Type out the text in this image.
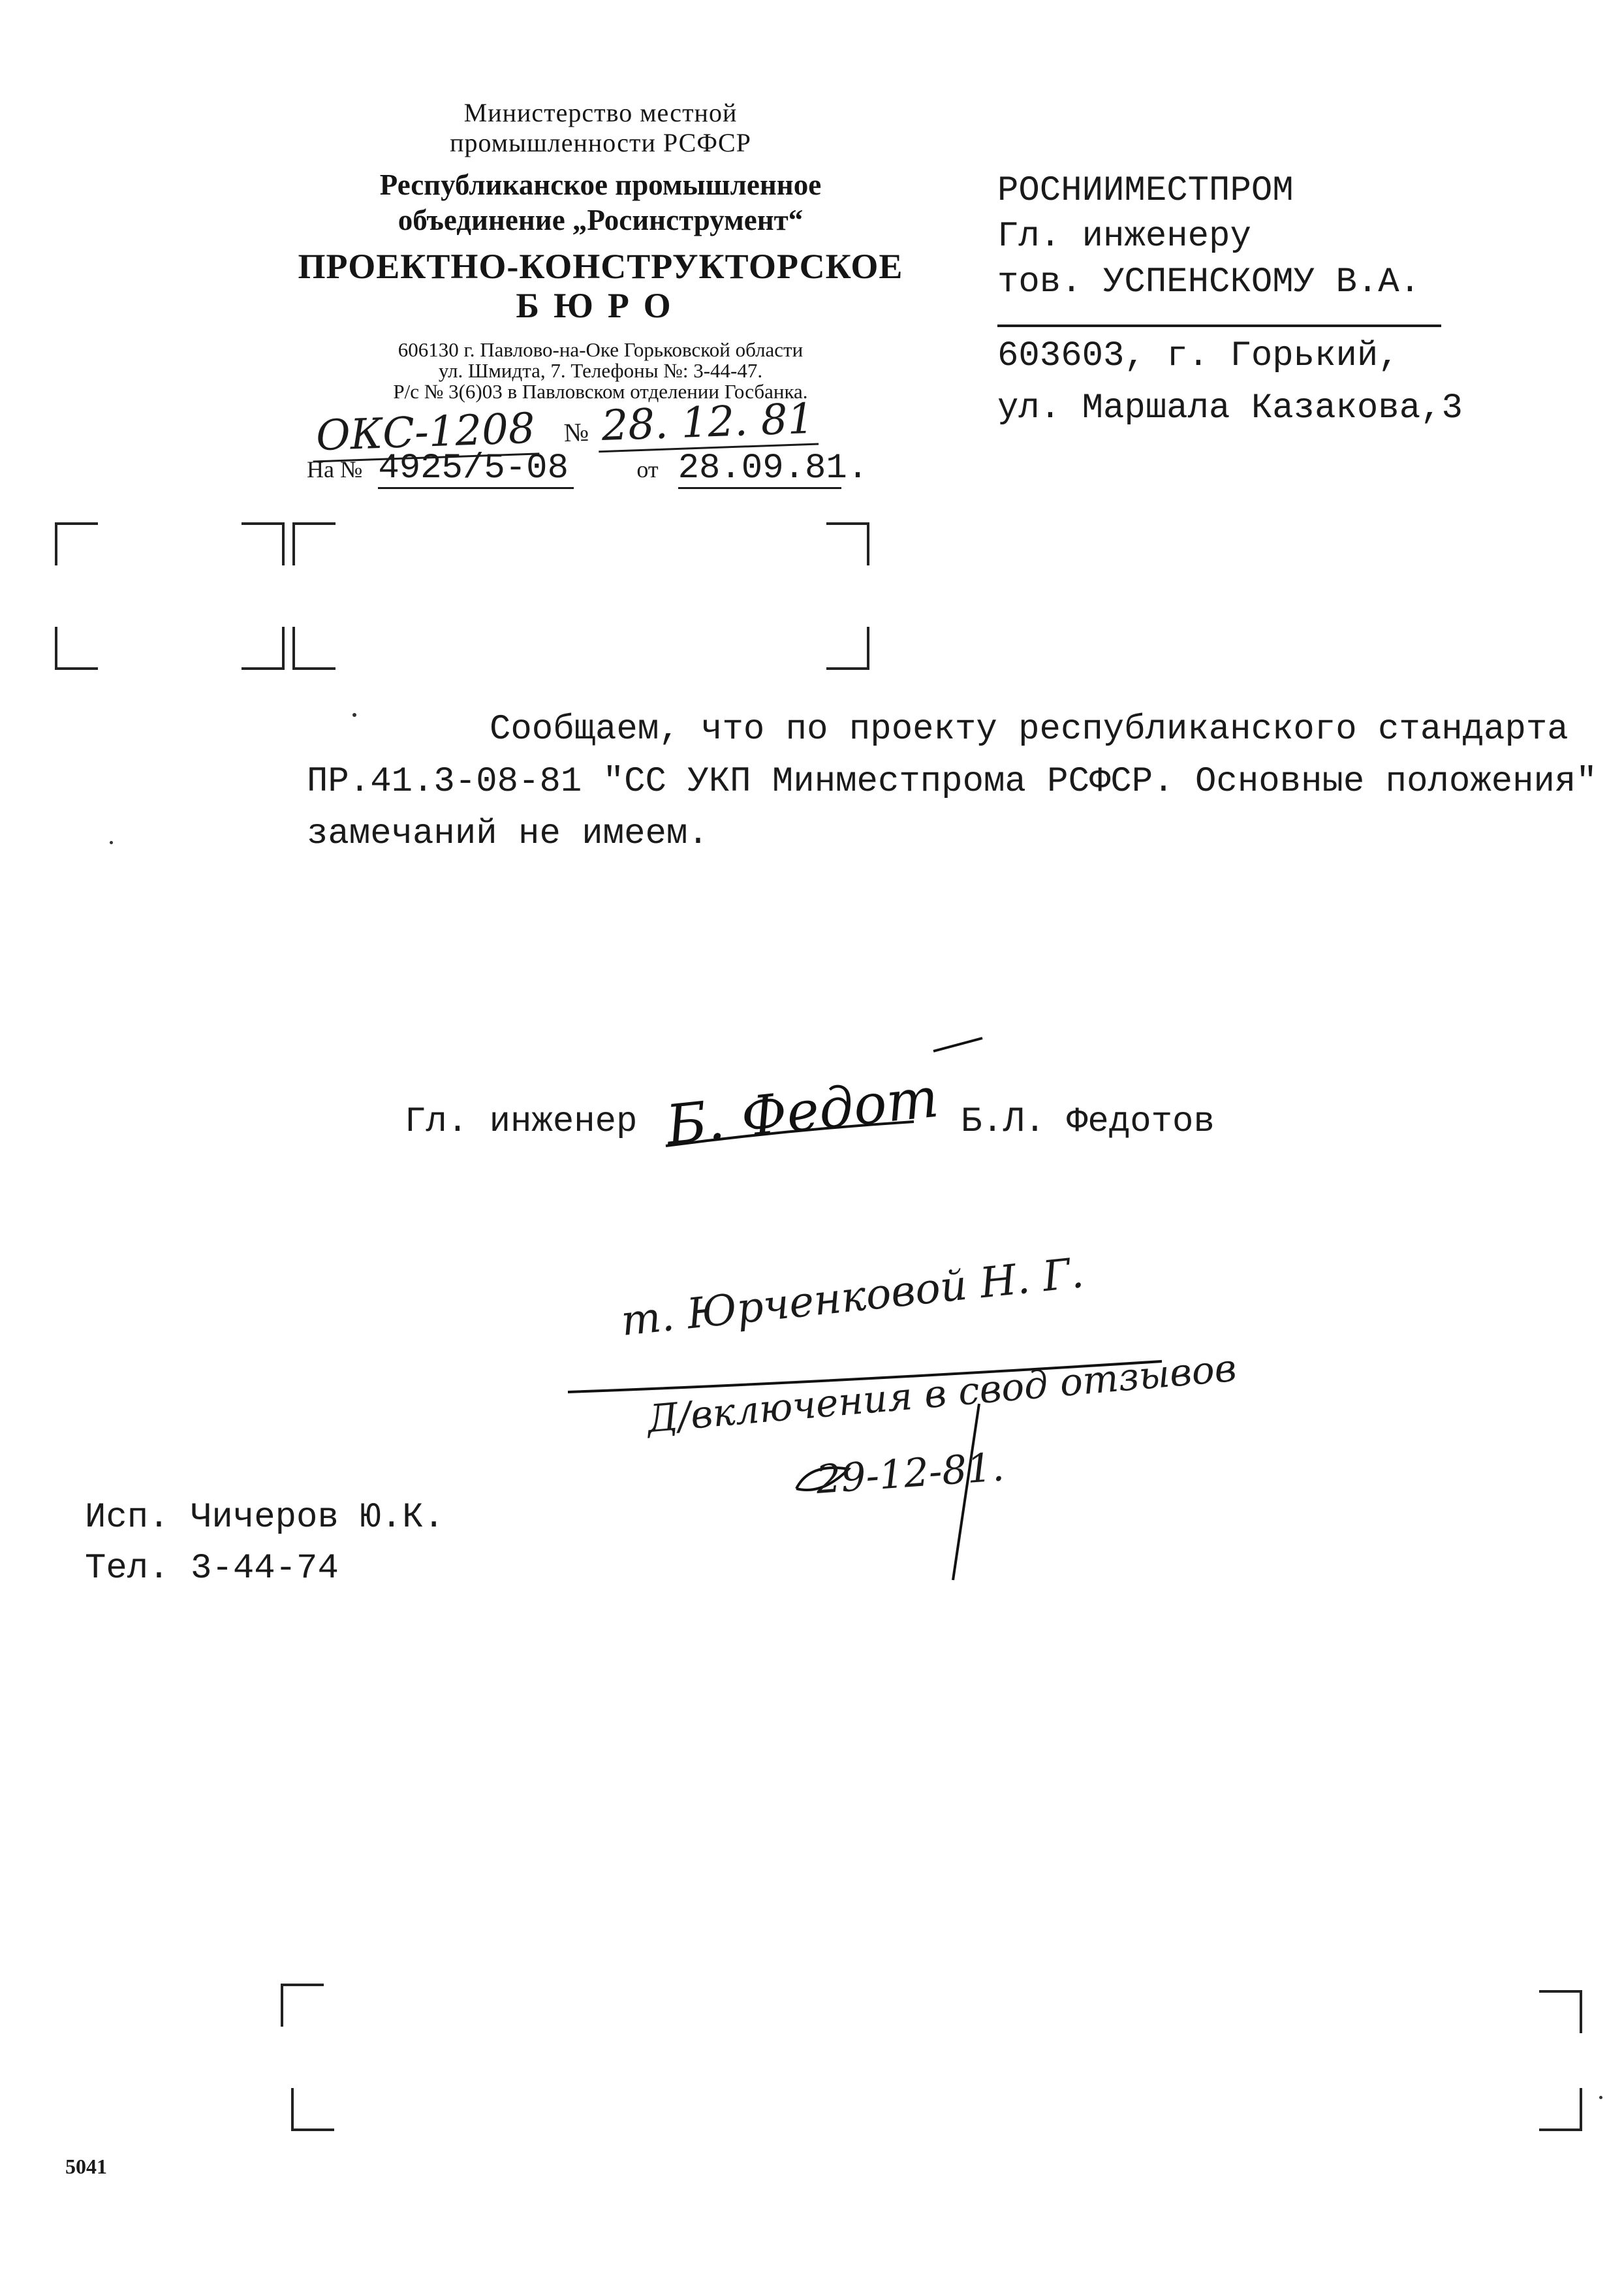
Министерство местной
промышленности РСФСР
Республиканское промышленное
объединение „Росинструмент“
ПРОЕКТНО-КОНСТРУКТОРСКОЕ
БЮРО
606130 г. Павлово-на-Оке Горьковской области
ул. Шмидта, 7. Телефоны №: 3-44-47.
Р/с № 3(6)03 в Павловском отделении Госбанка.
ОКС-1208 № 28. 12. 81
На № 4925/5-08	от 28.09.81.
РОСНИИМЕСТПРОМ
Гл. инженеру
тов. УСПЕНСКОМУ В.А.
603603, г. Горький,
ул. Маршала Казакова,3
Сообщаем, что по проекту республиканского стандарта
ПР.41.3-08-81 "СС УКП Минместпрома РСФСР. Основные положения"
замечаний не имеем.
Гл. инженер Б. Федот Б.Л. Федотов
т. Юрченковой Н. Г.
Д/включения в свод отзывов
29-12-81.
Исп. Чичеров Ю.К.
Тел. 3-44-74
5041
